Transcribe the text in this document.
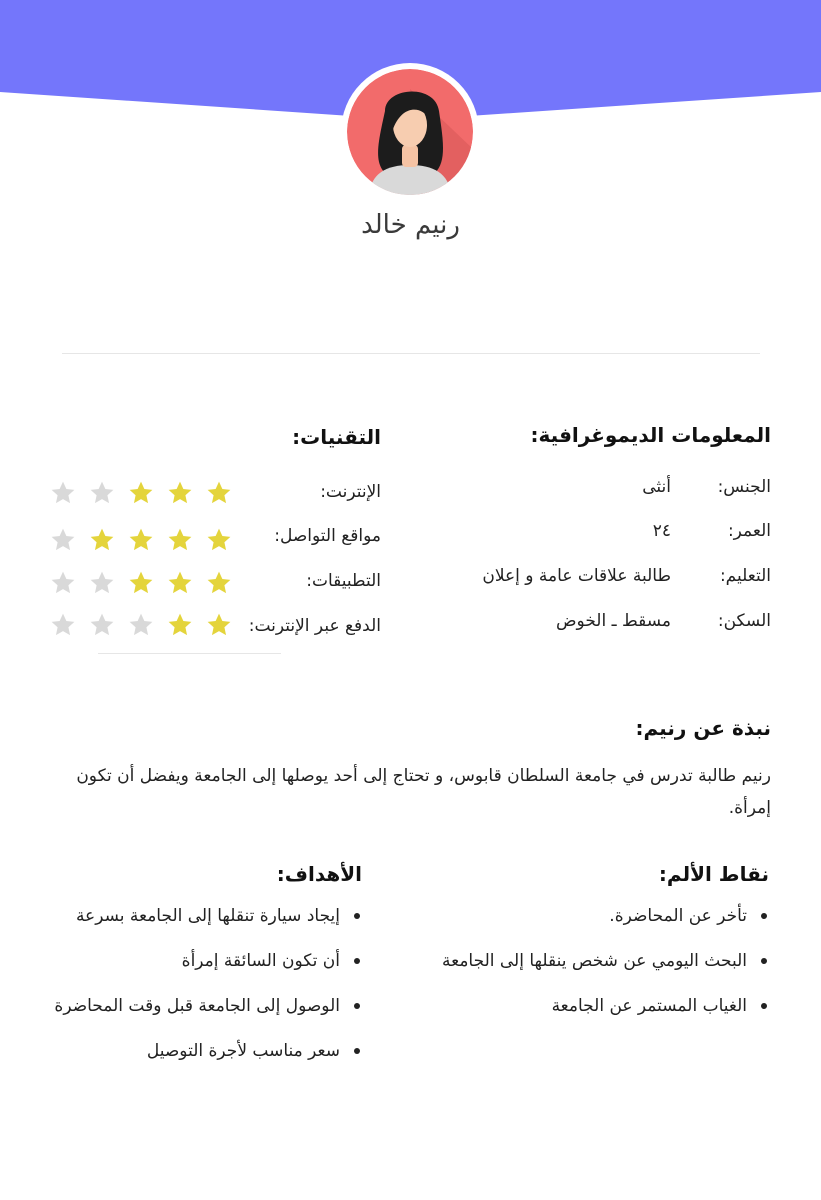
رنيم خالد
المعلومات الديموغرافية:
الجنس:
أنثى
العمر:
٢٤
التعليم:
طالبة علاقات عامة و إعلان
السكن:
مسقط ـ الخوض
التقنيات:
الإنترنت:
مواقع التواصل:
التطبيقات:
الدفع عبر الإنترنت:
نبذة عن رنيم:
رنيم طالبة تدرس في جامعة السلطان قابوس، و تحتاج إلى أحد يوصلها إلى الجامعة ويفضل أن تكون إمرأة.
نقاط الألم:
تأخر عن المحاضرة.
البحث اليومي عن شخص ينقلها إلى الجامعة
الغياب المستمر عن الجامعة
الأهداف:
إيجاد سيارة تنقلها إلى الجامعة بسرعة
أن تكون السائقة إمرأة
الوصول إلى الجامعة قبل وقت المحاضرة
سعر مناسب لأجرة التوصيل
